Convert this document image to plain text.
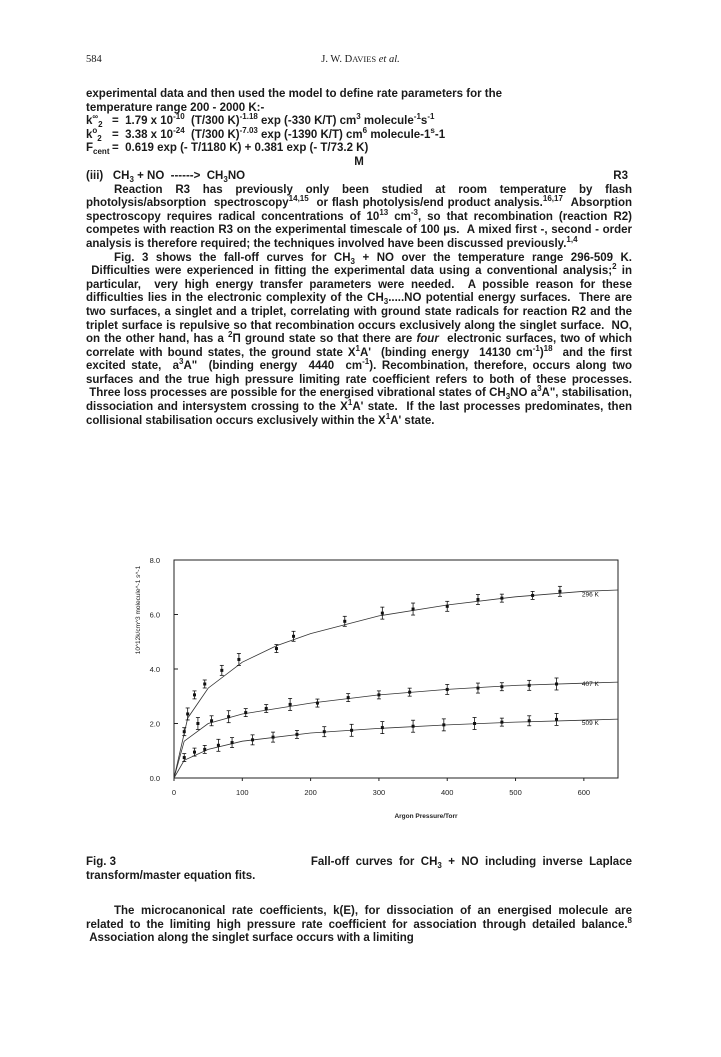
584	J. W. DAVIES et al.

experimental data and then used the model to define rate parameters for the
temperature range 200 - 2000 K:-

$k^\infty_2 = 1.79$ x $10^{-10}$  (T/300 K)$^{-1.18}$ exp (-330 K/T) $cm^3$ $molecule^{-1}s^{-1}$
$k^o_2 = 3.38$ x $10^{-24}$  (T/300 K)$^{-7.03}$ exp (-1390 K/T) $cm^6$ molecule-1$^s$-1
$F_{cent} = 0.619$ exp (- T/1180 K) + 0.381 exp (- T/73.2 K)
M
(iii)   $CH_3$ + NO  ------>  $CH_3NO$	R3

Reaction R3 has previously only been studied at room temperature by flash photolysis/absorption  spectroscopy$^{14,15}$  or flash photolysis/end product analysis.$^{16,17}$  Absorption spectroscopy requires radical concentrations of $10^{13}$ $cm^{-3}$, so that recombination (reaction R2) competes with reaction R3 on the experimental timescale of 100 µs.  A mixed first -, second - order analysis is therefore required; the techniques involved have been discussed previously.$^{1,4}$

Fig. 3 shows the fall-off curves for $CH_3$ + NO over the temperature range 296-509 K.  Difficulties were experienced in fitting the experimental data using a conventional analysis;$^2$ in particular,  very high energy transfer parameters were needed.  A possible reason for these difficulties lies in the electronic complexity of the $CH_3.....NO$ potential energy surfaces.  There are two surfaces, a singlet and a triplet, correlating with ground state radicals for reaction R2 and the triplet surface is repulsive so that recombination occurs exclusively along the singlet surface.  NO, on the other hand, has a $^2$Π ground state so that there are four  electronic surfaces, two of which correlate with bound states, the ground state $X^1A'$  (binding energy  14130 $cm^{-1})^{18}$  and the first excited state,  $a^3A$"  (binding energy  4440  $cm^{-1}$). Recombination, therefore, occurs along two surfaces and the true high pressure limiting rate coefficient refers to both of these processes.  Three loss processes are possible for the energised vibrational states of $CH_3NO$ $a^3A$", stabilisation, dissociation and intersystem crossing to the $X^1A'$ state.  If the last processes predominates, then collisional stabilisation occurs exclusively within the $X^1A'$ state.

0	100	200	300	400	500	600
0.0
2.0
4.0
6.0
8.0
Argon Pressure/Torr
10^12k/cm^3 molecule^-1 s^-1	296 K
407 K
509 K
Fig. 3	Fall-off  curves  for  $CH_3$  +  NO  including  inverse  Laplace
transform/master equation fits.

The microcanonical rate coefficients, k(E), for dissociation of an energised molecule are related to the limiting high pressure rate coefficient for association through detailed balance.$^8$  Association along the singlet surface occurs with a limiting
